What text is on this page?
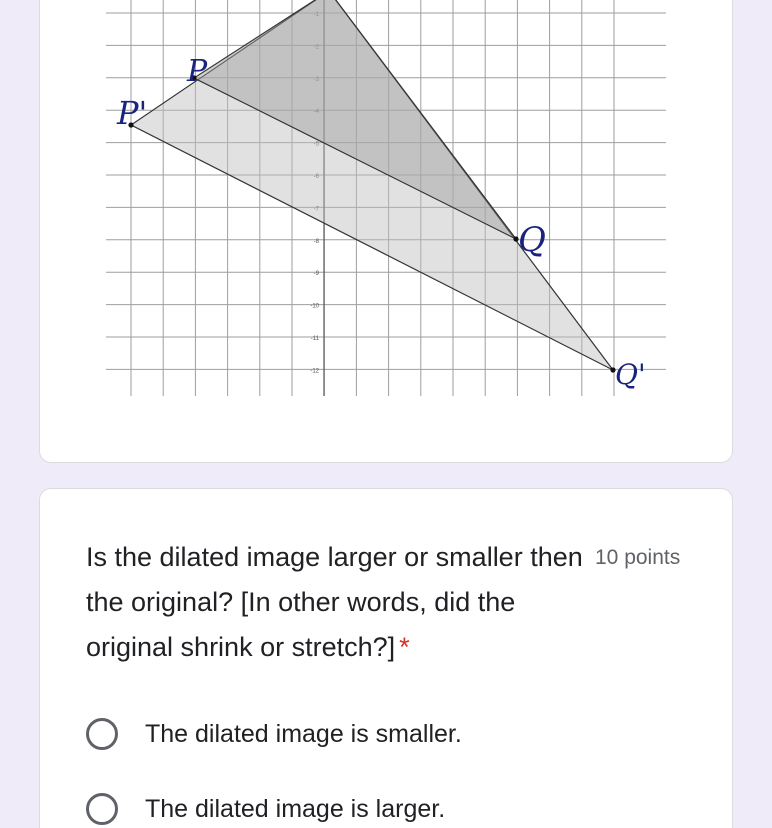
-1
-2
-3
-4
-5
-6
-7
-8
-9
-10
-11
-12
P
P'
Q
Q'
Is the dilated image larger or smaller then the original? [In other words, did the original shrink or stretch?] *
10 points
The dilated image is smaller.
The dilated image is larger.
